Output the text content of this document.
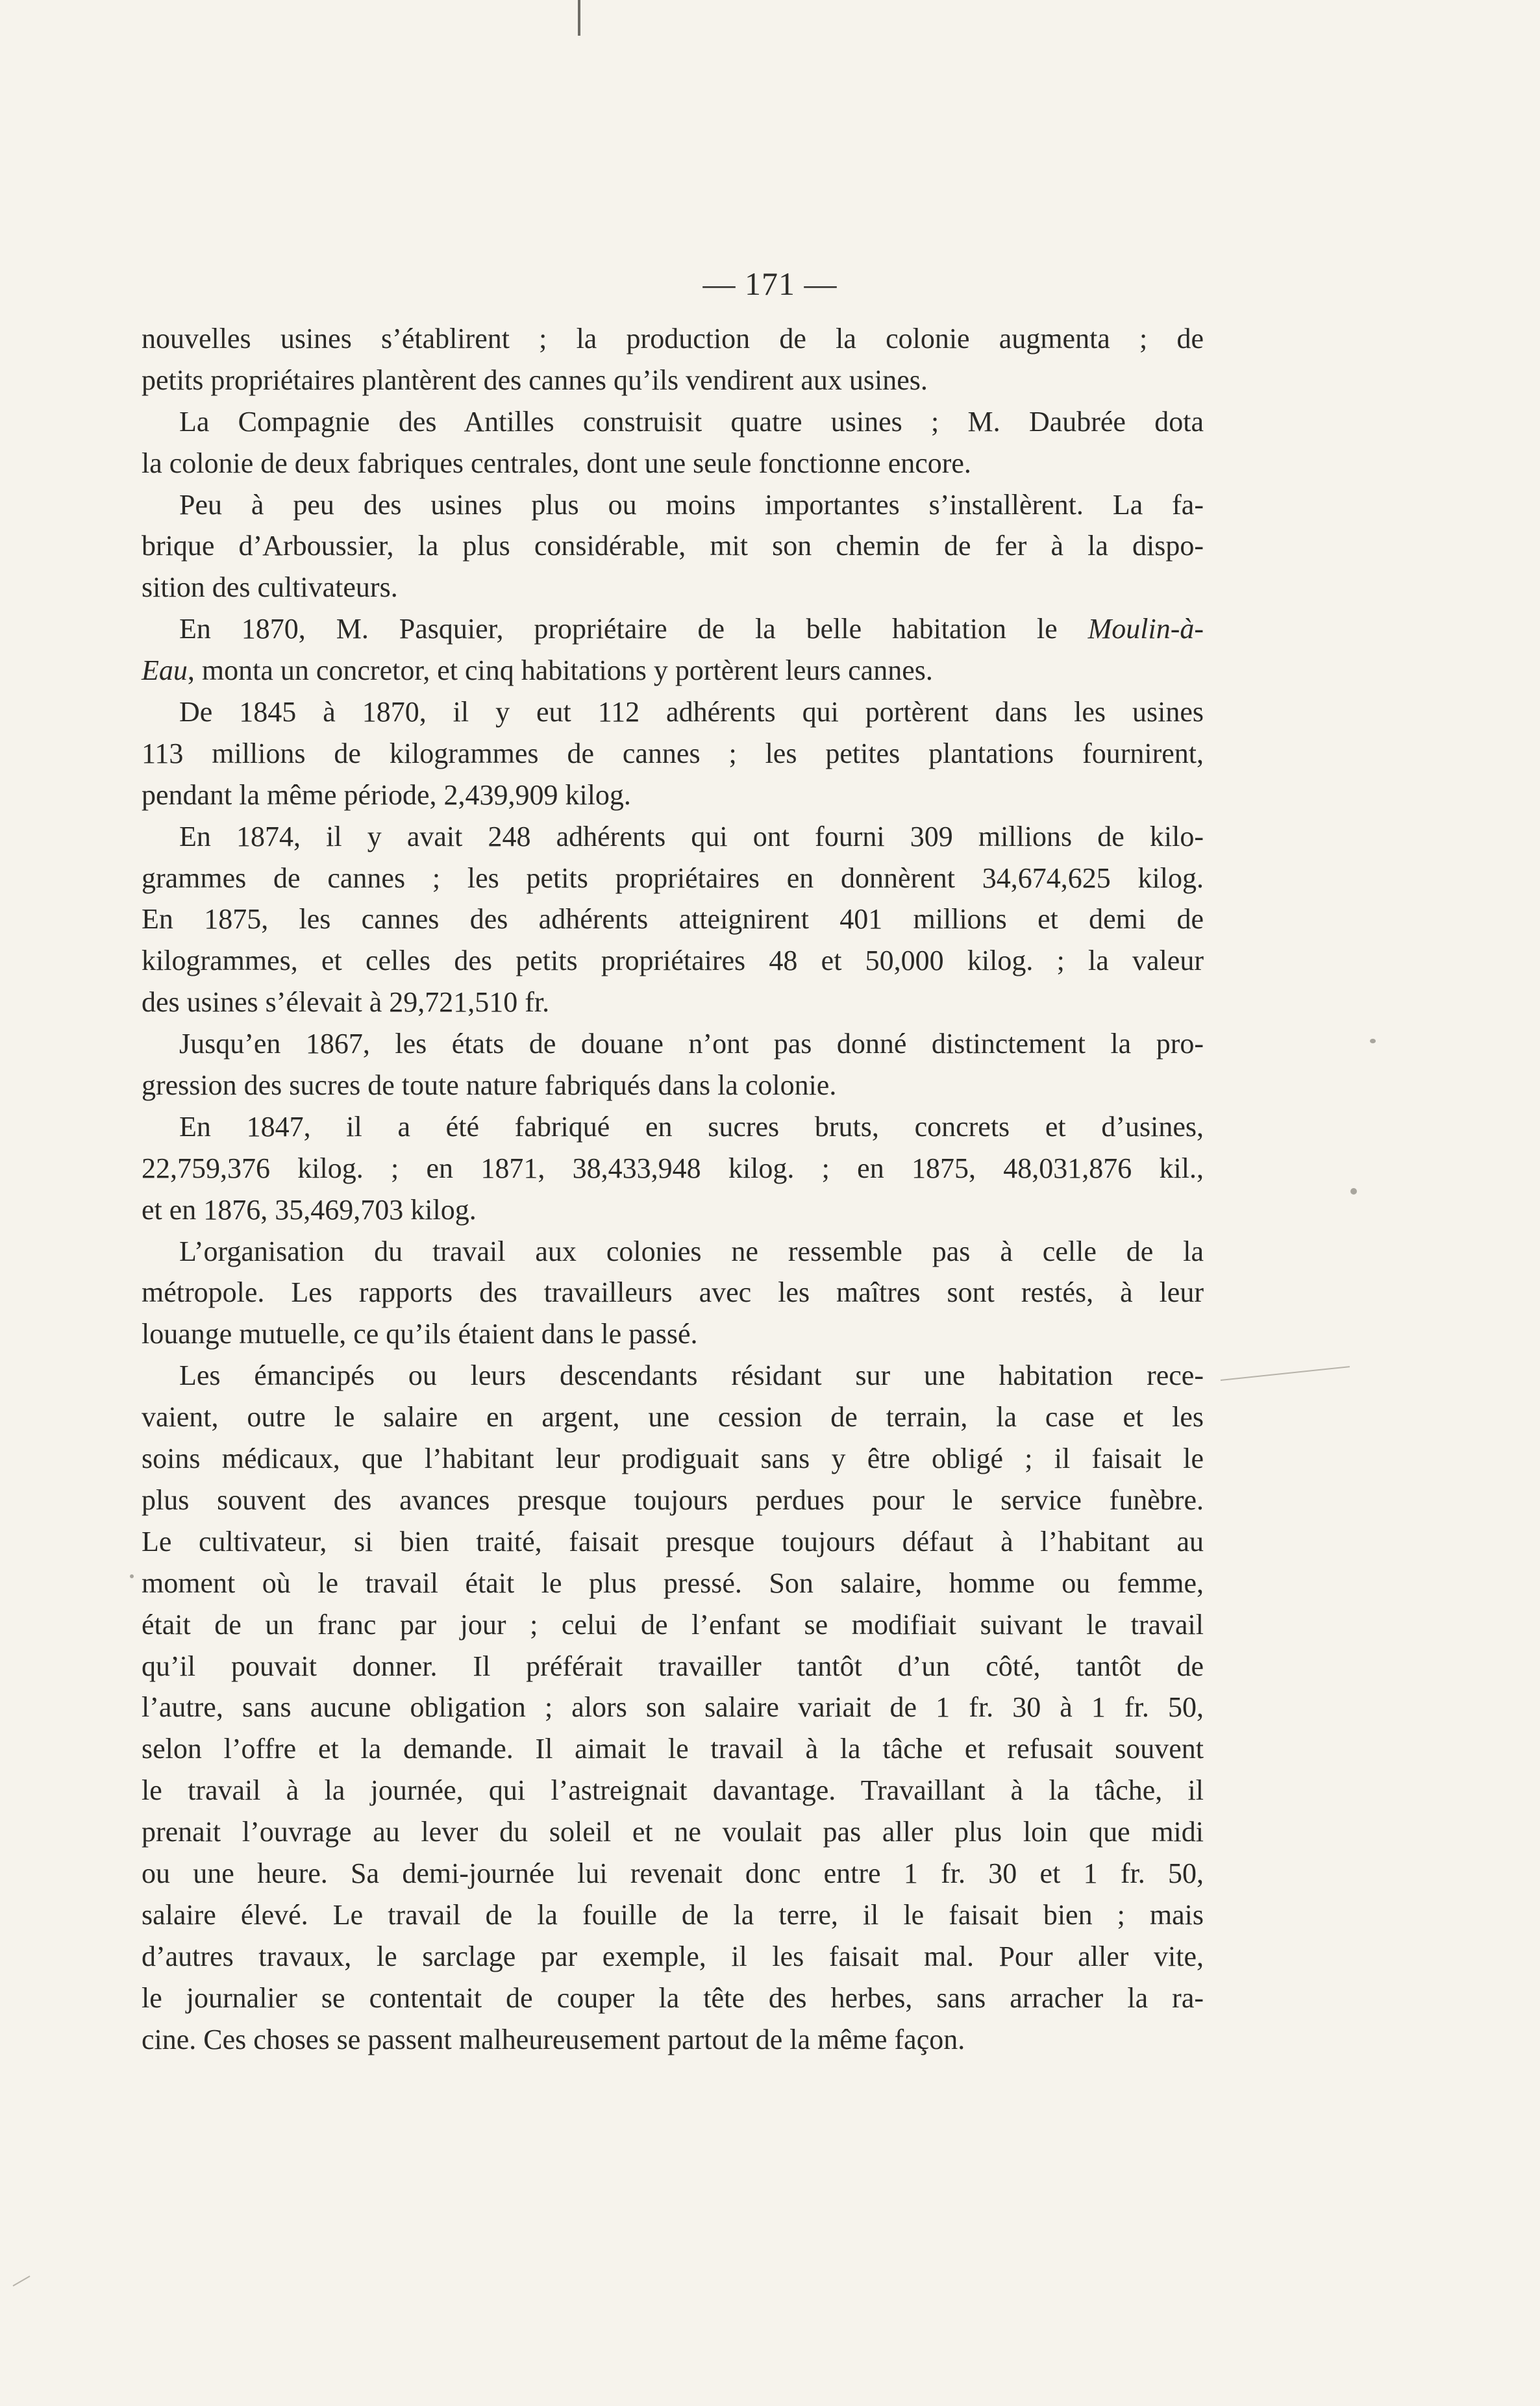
— 171 —
nouvelles usines s’établirent ; la production de la colonie augmenta ; de
petits propriétaires plantèrent des cannes qu’ils vendirent aux usines.
La Compagnie des Antilles construisit quatre usines ; M. Daubrée dota
la colonie de deux fabriques centrales, dont une seule fonctionne encore.
Peu à peu des usines plus ou moins importantes s’installèrent. La fa-
brique d’Arboussier, la plus considérable, mit son chemin de fer à la dispo-
sition des cultivateurs.
En 1870, M. Pasquier, propriétaire de la belle habitation le Moulin-à-
Eau, monta un concretor, et cinq habitations y portèrent leurs cannes.
De 1845 à 1870, il y eut 112 adhérents qui portèrent dans les usines
113 millions de kilogrammes de cannes ; les petites plantations fournirent,
pendant la même période, 2,439,909 kilog.
En 1874, il y avait 248 adhérents qui ont fourni 309 millions de kilo-
grammes de cannes ; les petits propriétaires en donnèrent 34,674,625 kilog.
En 1875, les cannes des adhérents atteignirent 401 millions et demi de
kilogrammes, et celles des petits propriétaires 48 et 50,000 kilog. ; la valeur
des usines s’élevait à 29,721,510 fr.
Jusqu’en 1867, les états de douane n’ont pas donné distinctement la pro-
gression des sucres de toute nature fabriqués dans la colonie.
En 1847, il a été fabriqué en sucres bruts, concrets et d’usines,
22,759,376 kilog. ; en 1871, 38,433,948 kilog. ; en 1875, 48,031,876 kil.,
et en 1876, 35,469,703 kilog.
L’organisation du travail aux colonies ne ressemble pas à celle de la
métropole. Les rapports des travailleurs avec les maîtres sont restés, à leur
louange mutuelle, ce qu’ils étaient dans le passé.
Les émancipés ou leurs descendants résidant sur une habitation rece-
vaient, outre le salaire en argent, une cession de terrain, la case et les
soins médicaux, que l’habitant leur prodiguait sans y être obligé ; il faisait le
plus souvent des avances presque toujours perdues pour le service funèbre.
Le cultivateur, si bien traité, faisait presque toujours défaut à l’habitant au
moment où le travail était le plus pressé. Son salaire, homme ou femme,
était de un franc par jour ; celui de l’enfant se modifiait suivant le travail
qu’il pouvait donner. Il préférait travailler tantôt d’un côté, tantôt de
l’autre, sans aucune obligation ; alors son salaire variait de 1 fr. 30 à 1 fr. 50,
selon l’offre et la demande. Il aimait le travail à la tâche et refusait souvent
le travail à la journée, qui l’astreignait davantage. Travaillant à la tâche, il
prenait l’ouvrage au lever du soleil et ne voulait pas aller plus loin que midi
ou une heure. Sa demi-journée lui revenait donc entre 1 fr. 30 et 1 fr. 50,
salaire élevé. Le travail de la fouille de la terre, il le faisait bien ; mais
d’autres travaux, le sarclage par exemple, il les faisait mal. Pour aller vite,
le journalier se contentait de couper la tête des herbes, sans arracher la ra-
cine. Ces choses se passent malheureusement partout de la même façon.
